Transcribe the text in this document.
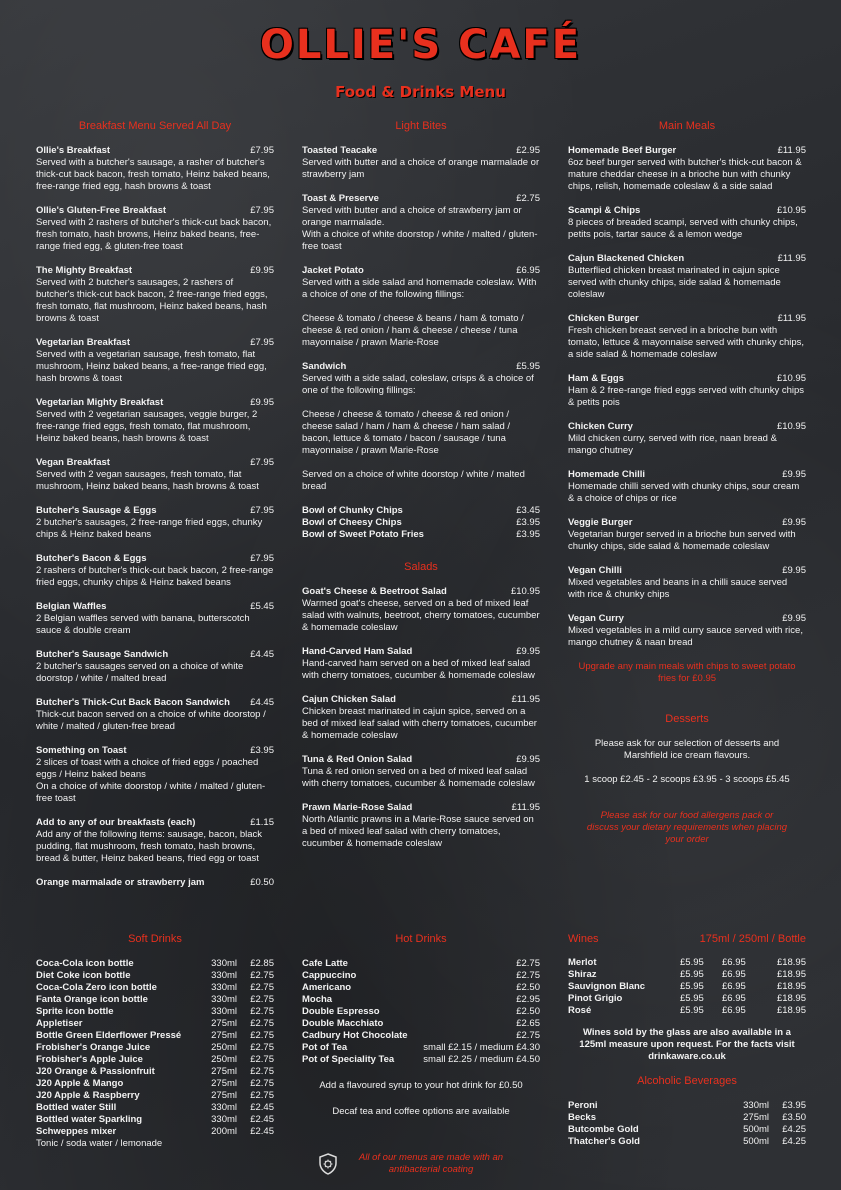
OLLIE'S CAFÉ
Food & Drinks Menu
Breakfast Menu Served All Day
Ollie's Breakfast	£7.95
Served with a butcher's sausage, a rasher of butcher's thick-cut back bacon, fresh tomato, Heinz baked beans, free-range fried egg, hash browns & toast
Ollie's Gluten-Free Breakfast	£7.95
Served with 2 rashers of butcher's thick-cut back bacon, fresh tomato, hash browns, Heinz baked beans, free-range fried egg, & gluten-free toast
The Mighty Breakfast	£9.95
Served with 2 butcher's sausages, 2 rashers of butcher's thick-cut back bacon, 2 free-range fried eggs, fresh tomato, flat mushroom, Heinz baked beans, hash browns & toast
Vegetarian Breakfast	£7.95
Served with a vegetarian sausage, fresh tomato, flat mushroom, Heinz baked beans, a free-range fried egg, hash browns & toast
Vegetarian Mighty Breakfast	£9.95
Served with 2 vegetarian sausages, veggie burger, 2 free-range fried eggs, fresh tomato, flat mushroom, Heinz baked beans, hash browns & toast
Vegan Breakfast	£7.95
Served with 2 vegan sausages, fresh tomato, flat mushroom, Heinz baked beans, hash browns & toast
Butcher's Sausage & Eggs	£7.95
2 butcher's sausages, 2 free-range fried eggs, chunky chips & Heinz baked beans
Butcher's Bacon & Eggs	£7.95
2 rashers of butcher's thick-cut back bacon, 2 free-range fried eggs, chunky chips & Heinz baked beans
Belgian Waffles	£5.45
2 Belgian waffles served with banana, butterscotch sauce & double cream
Butcher's Sausage Sandwich	£4.45
2 butcher's sausages served on a choice of white doorstop / white / malted bread
Butcher's Thick-Cut Back Bacon Sandwich £4.45
Thick-cut bacon served on a choice of white doorstop / white / malted / gluten-free bread
Something on Toast	£3.95
2 slices of toast with a choice of fried eggs / poached eggs / Heinz baked beans
On a choice of white doorstop / white / malted / gluten-free toast
Add to any of our breakfasts (each)	£1.15
Add any of the following items: sausage, bacon, black pudding, flat mushroom, fresh tomato, hash browns, bread & butter, Heinz baked beans, fried egg or toast
Orange marmalade or strawberry jam	£0.50
Light Bites
Toasted Teacake	£2.95
Served with butter and a choice of orange marmalade or strawberry jam
Toast & Preserve	£2.75
Served with butter and a choice of strawberry jam or orange marmalade.
With a choice of white doorstop / white / malted / gluten-free toast
Jacket Potato	£6.95
Served with a side salad and homemade coleslaw. With a choice of one of the following fillings:

Cheese & tomato / cheese & beans / ham & tomato / cheese & red onion / ham & cheese / cheese / tuna mayonnaise / prawn Marie-Rose
Sandwich	£5.95
Served with a side salad, coleslaw, crisps & a choice of one of the following fillings:

Cheese / cheese & tomato / cheese & red onion / cheese salad / ham / ham & cheese / ham salad / bacon, lettuce & tomato / bacon / sausage / tuna mayonnaise / prawn Marie-Rose

Served on a choice of white doorstop / white / malted bread
Bowl of Chunky Chips	£3.45
Bowl of Cheesy Chips	£3.95
Bowl of Sweet Potato Fries	£3.95
Salads
Goat's Cheese & Beetroot Salad	£10.95
Warmed goat's cheese, served on a bed of mixed leaf salad with walnuts, beetroot, cherry tomatoes, cucumber & homemade coleslaw
Hand-Carved Ham Salad	£9.95
Hand-carved ham served on a bed of mixed leaf salad with cherry tomatoes, cucumber & homemade coleslaw
Cajun Chicken Salad	£11.95
Chicken breast marinated in cajun spice, served on a bed of mixed leaf salad with cherry tomatoes, cucumber & homemade coleslaw
Tuna & Red Onion Salad	£9.95
Tuna & red onion served on a bed of mixed leaf salad with cherry tomatoes, cucumber & homemade coleslaw
Prawn Marie-Rose Salad	£11.95
North Atlantic prawns in a Marie-Rose sauce served on a bed of mixed leaf salad with cherry tomatoes, cucumber & homemade coleslaw
Main Meals
Homemade Beef Burger	£11.95
6oz beef burger served with butcher's thick-cut bacon & mature cheddar cheese in a brioche bun with chunky chips, relish, homemade coleslaw & a side salad
Scampi & Chips	£10.95
8 pieces of breaded scampi, served with chunky chips, petits pois, tartar sauce & a lemon wedge
Cajun Blackened Chicken	£11.95
Butterflied chicken breast marinated in cajun spice served with chunky chips, side salad & homemade coleslaw
Chicken Burger	£11.95
Fresh chicken breast served in a brioche bun with tomato, lettuce & mayonnaise served with chunky chips, a side salad & homemade coleslaw
Ham & Eggs	£10.95
Ham & 2 free-range fried eggs served with chunky chips & petits pois
Chicken Curry	£10.95
Mild chicken curry, served with rice, naan bread & mango chutney
Homemade Chilli	£9.95
Homemade chilli served with chunky chips, sour cream & a choice of chips or rice
Veggie Burger	£9.95
Vegetarian burger served in a brioche bun served with chunky chips, side salad & homemade coleslaw
Vegan Chilli	£9.95
Mixed vegetables and beans in a chilli sauce served with rice & chunky chips
Vegan Curry	£9.95
Mixed vegetables in a mild curry sauce served with rice, mango chutney & naan bread
Upgrade any main meals with chips to sweet potato fries for £0.95
Desserts
Please ask for our selection of desserts and Marshfield ice cream flavours.
1 scoop £2.45 - 2 scoops £3.95 - 3 scoops £5.45
Please ask for our food allergens pack or discuss your dietary requirements when placing your order
Soft Drinks
Coca-Cola icon bottle	330ml	£2.85
Diet Coke icon bottle	330ml	£2.75
Coca-Cola Zero icon bottle	330ml	£2.75
Fanta Orange icon bottle	330ml	£2.75
Sprite icon bottle	330ml	£2.75
Appletiser	275ml	£2.75
Bottle Green Elderflower Pressé	275ml	£2.75
Frobisher's Orange Juice	250ml	£2.75
Frobisher's Apple Juice	250ml	£2.75
J20 Orange & Passionfruit	275ml	£2.75
J20 Apple & Mango	275ml	£2.75
J20 Apple & Raspberry	275ml	£2.75
Bottled water Still	330ml	£2.45
Bottled water Sparkling	330ml	£2.45
Schweppes mixer	200ml	£2.45
Tonic / soda water / lemonade
Hot Drinks
Cafe Latte	£2.75
Cappuccino	£2.75
Americano	£2.50
Mocha	£2.95
Double Espresso	£2.50
Double Macchiato	£2.65
Cadbury Hot Chocolate	£2.75
Pot of Tea	small £2.15 / medium £4.30
Pot of Speciality Tea	small £2.25 / medium £4.50
Add a flavoured syrup to your hot drink for £0.50
Decaf tea and coffee options are available
Wines	175ml / 250ml / Bottle
Merlot	£5.95	£6.95	£18.95
Shiraz	£5.95	£6.95	£18.95
Sauvignon Blanc	£5.95	£6.95	£18.95
Pinot Grigio	£5.95	£6.95	£18.95
Rosé	£5.95	£6.95	£18.95
Wines sold by the glass are also available in a 125ml measure upon request. For the facts visit drinkaware.co.uk
Alcoholic Beverages
Peroni	330ml	£3.95
Becks	275ml	£3.50
Butcombe Gold	500ml	£4.25
Thatcher's Gold	500ml	£4.25
All of our menus are made with an antibacterial coating
